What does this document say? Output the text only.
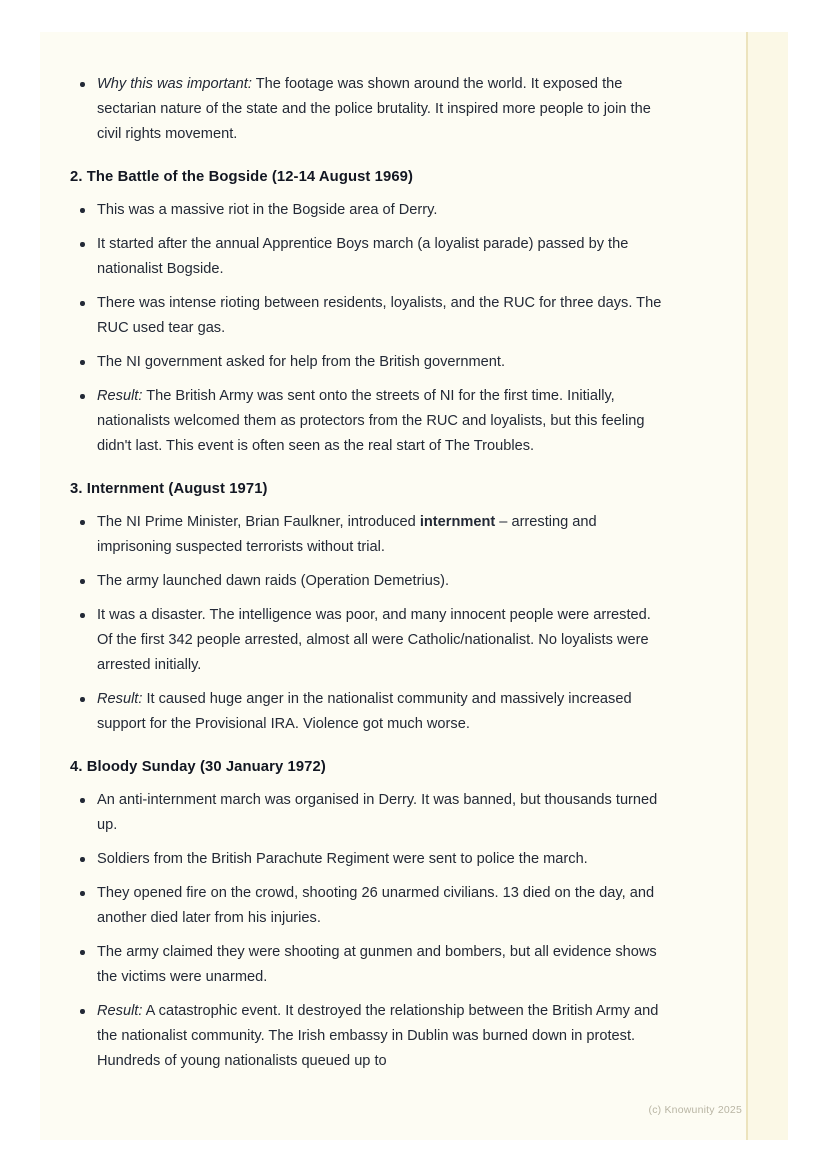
Why this was important: The footage was shown around the world. It exposed the sectarian nature of the state and the police brutality. It inspired more people to join the civil rights movement.
2. The Battle of the Bogside (12-14 August 1969)
This was a massive riot in the Bogside area of Derry.
It started after the annual Apprentice Boys march (a loyalist parade) passed by the nationalist Bogside.
There was intense rioting between residents, loyalists, and the RUC for three days. The RUC used tear gas.
The NI government asked for help from the British government.
Result: The British Army was sent onto the streets of NI for the first time. Initially, nationalists welcomed them as protectors from the RUC and loyalists, but this feeling didn't last. This event is often seen as the real start of The Troubles.
3. Internment (August 1971)
The NI Prime Minister, Brian Faulkner, introduced internment – arresting and imprisoning suspected terrorists without trial.
The army launched dawn raids (Operation Demetrius).
It was a disaster. The intelligence was poor, and many innocent people were arrested. Of the first 342 people arrested, almost all were Catholic/nationalist. No loyalists were arrested initially.
Result: It caused huge anger in the nationalist community and massively increased support for the Provisional IRA. Violence got much worse.
4. Bloody Sunday (30 January 1972)
An anti-internment march was organised in Derry. It was banned, but thousands turned up.
Soldiers from the British Parachute Regiment were sent to police the march.
They opened fire on the crowd, shooting 26 unarmed civilians. 13 died on the day, and another died later from his injuries.
The army claimed they were shooting at gunmen and bombers, but all evidence shows the victims were unarmed.
Result: A catastrophic event. It destroyed the relationship between the British Army and the nationalist community. The Irish embassy in Dublin was burned down in protest. Hundreds of young nationalists queued up to
(c) Knowunity 2025
